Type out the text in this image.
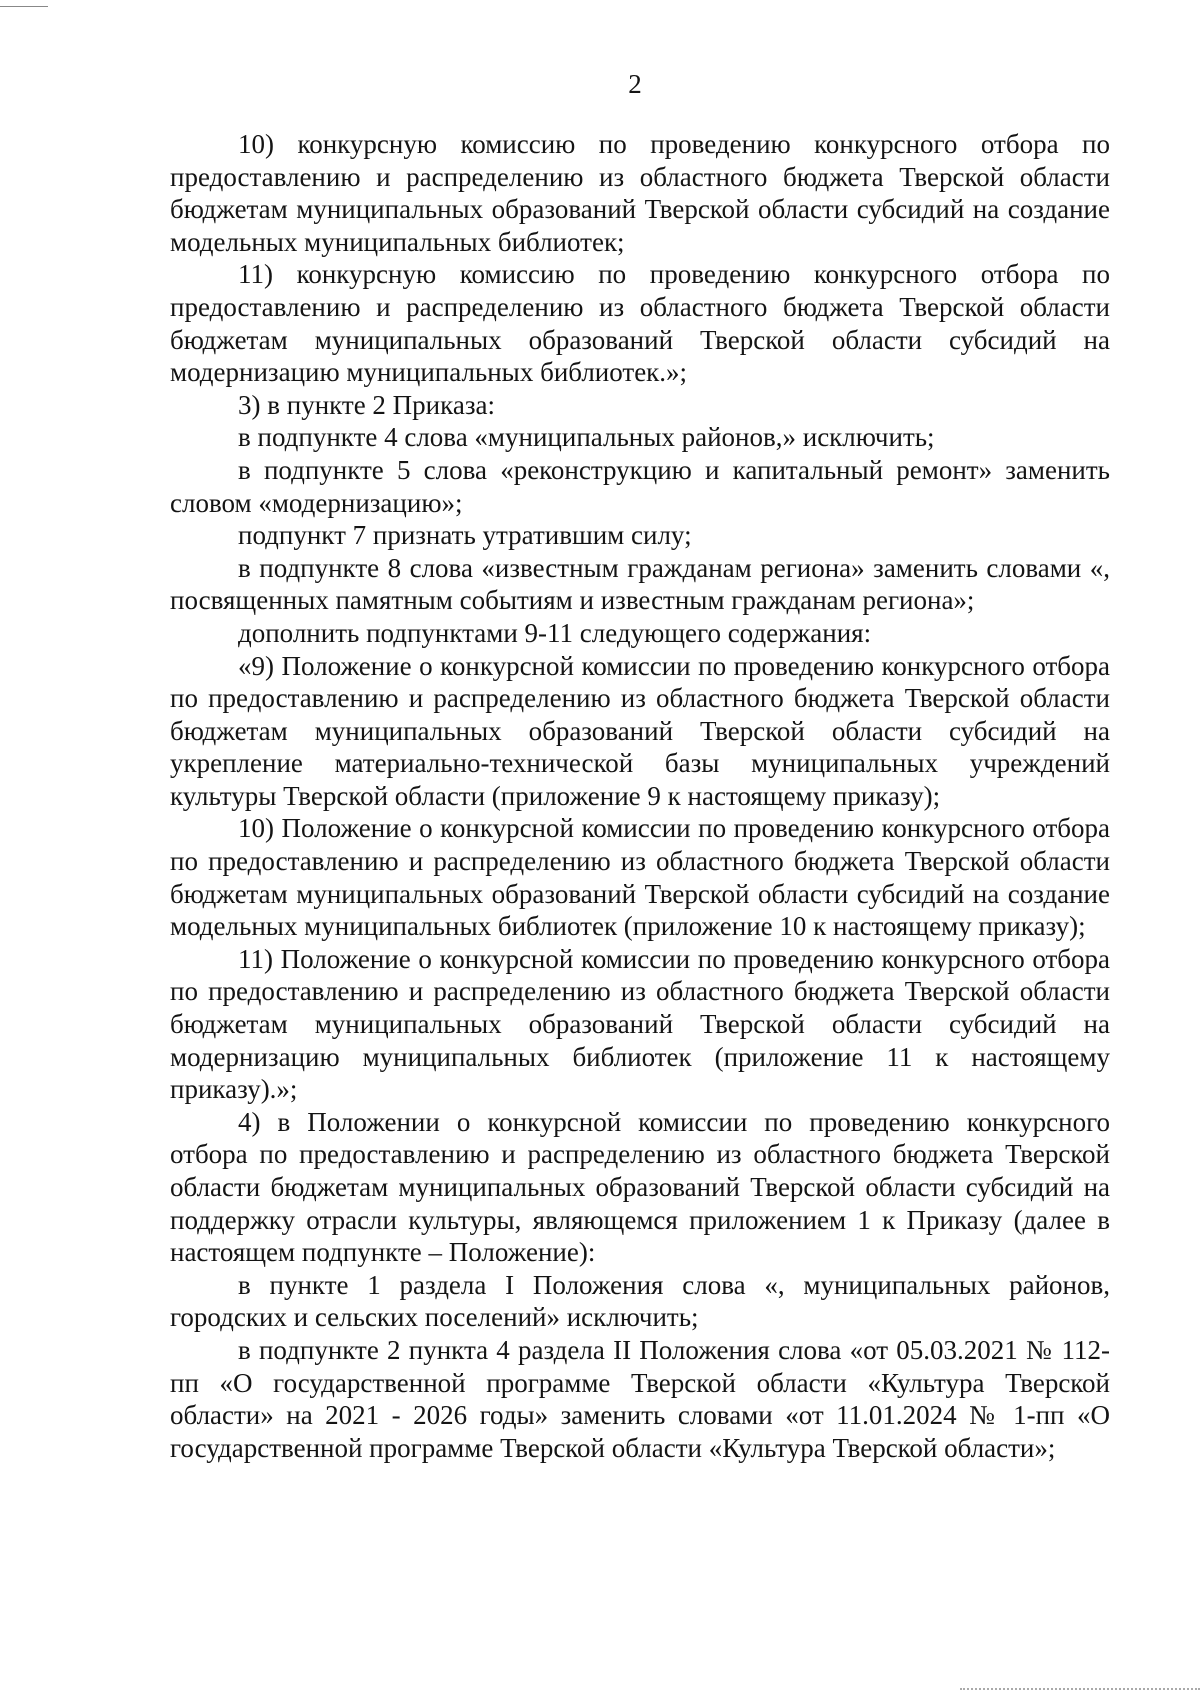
2

10) конкурсную комиссию по проведению конкурсного отбора по предоставлению и распределению из областного бюджета Тверской области бюджетам муниципальных образований Тверской области субсидий на создание модельных муниципальных библиотек;

11) конкурсную комиссию по проведению конкурсного отбора по предоставлению и распределению из областного бюджета Тверской области бюджетам муниципальных образований Тверской области субсидий на модернизацию муниципальных библиотек.»;

3) в пункте 2 Приказа:

в подпункте 4 слова «муниципальных районов,» исключить;

в подпункте 5 слова «реконструкцию и капитальный ремонт» заменить словом «модернизацию»;

подпункт 7 признать утратившим силу;

в подпункте 8 слова «известным гражданам региона» заменить словами «, посвященных памятным событиям и известным гражданам региона»;

дополнить подпунктами 9-11 следующего содержания:

«9) Положение о конкурсной комиссии по проведению конкурсного отбора по предоставлению и распределению из областного бюджета Тверской области бюджетам муниципальных образований Тверской области субсидий на укрепление материально-технической базы муниципальных учреждений культуры Тверской области (приложение 9 к настоящему приказу);

10) Положение о конкурсной комиссии по проведению конкурсного отбора по предоставлению и распределению из областного бюджета Тверской области бюджетам муниципальных образований Тверской области субсидий на создание модельных муниципальных библиотек (приложение 10 к настоящему приказу);

11) Положение о конкурсной комиссии по проведению конкурсного отбора по предоставлению и распределению из областного бюджета Тверской области бюджетам муниципальных образований Тверской области субсидий на модернизацию муниципальных библиотек (приложение 11 к настоящему приказу).»;

4) в Положении о конкурсной комиссии по проведению конкурсного отбора по предоставлению и распределению из областного бюджета Тверской области бюджетам муниципальных образований Тверской области субсидий на поддержку отрасли культуры, являющемся приложением 1 к Приказу (далее в настоящем подпункте – Положение):

в пункте 1 раздела I Положения слова «, муниципальных районов, городских и сельских поселений» исключить;

в подпункте 2 пункта 4 раздела II Положения слова «от 05.03.2021 № 112-пп «О государственной программе Тверской области «Культура Тверской области» на 2021 - 2026 годы» заменить словами «от 11.01.2024 № 1-пп «О государственной программе Тверской области «Культура Тверской области»;
